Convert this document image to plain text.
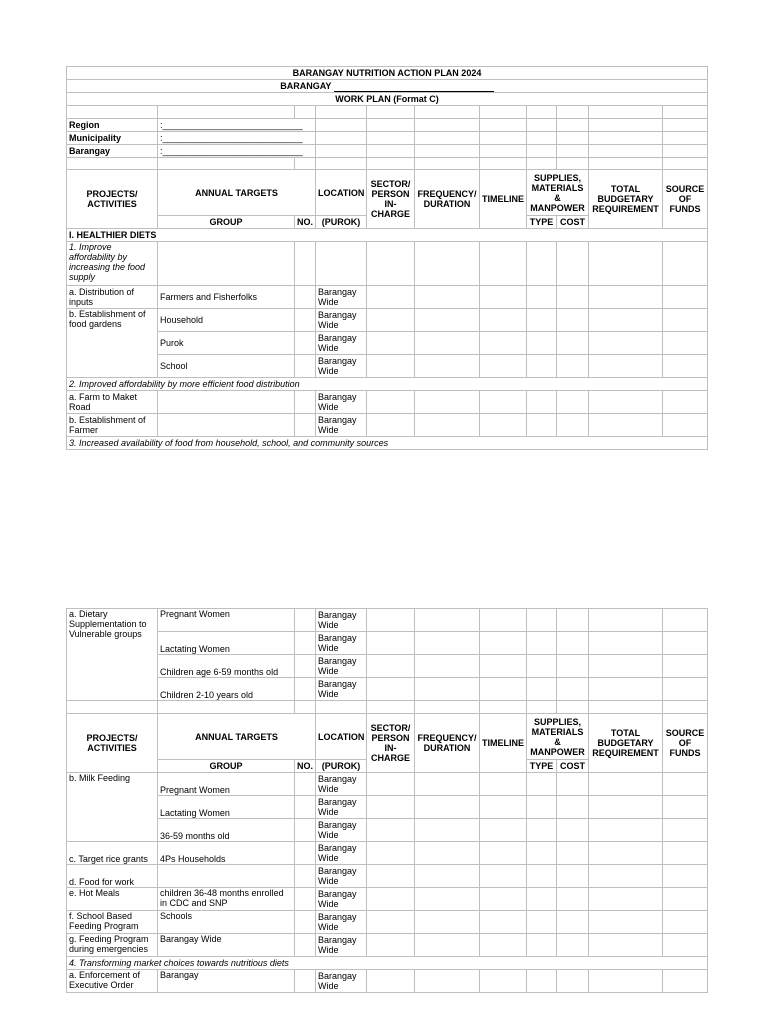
BARANGAY NUTRITION ACTION PLAN 2024										
BARANGAY										
WORK PLAN (Format C)										

Region	:____________________________									
Municipality	:____________________________									
Barangay	:____________________________									

PROJECTS/ ACTIVITIES	ANNUAL TARGETS		LOCATION	SECTOR/ PERSON IN-CHARGE	FREQUENCY/ DURATION	TIMELINE	SUPPLIES, MATERIALS & MANPOWER		TOTAL BUDGETARY REQUIREMENT	SOURCE OF FUNDS
	GROUP	NO.	(PUROK)				TYPE	COST		
I. HEALTHIER DIETS										
1. Improve affordability by increasing the food supply										
a. Distribution of inputs	Farmers and Fisherfolks		Barangay Wide							
b. Establishment of food gardens	Household		Barangay Wide							
	Purok		Barangay Wide							
	School		Barangay Wide							
2. Improved affordability by more efficient food distribution										
a. Farm to Maket Road			Barangay Wide							
b. Establishment of Farmer			Barangay Wide							
3. Increased availability of food from household, school, and community sources										
a. Dietary Supplementation to Vulnerable groups	Pregnant Women		Barangay Wide							
	Lactating Women		Barangay Wide							
	Children age 6-59 months old		Barangay Wide							
	Children 2-10 years old		Barangay Wide							

PROJECTS/ ACTIVITIES	ANNUAL TARGETS		LOCATION	SECTOR/ PERSON IN-CHARGE	FREQUENCY/ DURATION	TIMELINE	SUPPLIES, MATERIALS & MANPOWER		TOTAL BUDGETARY REQUIREMENT	SOURCE OF FUNDS
	GROUP	NO.	(PUROK)				TYPE	COST		
b. Milk Feeding	Pregnant Women		Barangay Wide							
	Lactating Women		Barangay Wide							
	36-59 months old		Barangay Wide							
c. Target rice grants	4Ps Households		Barangay Wide							
d. Food for work			Barangay Wide							
e. Hot Meals	children 36-48 months enrolled in CDC and SNP		Barangay Wide							
f. School Based Feeding Program	Schools		Barangay Wide							
g. Feeding Program during emergencies	Barangay Wide		Barangay Wide							
4. Transforming market choices towards nutritious diets										
a. Enforcement of Executive Order	Barangay		Barangay Wide							
